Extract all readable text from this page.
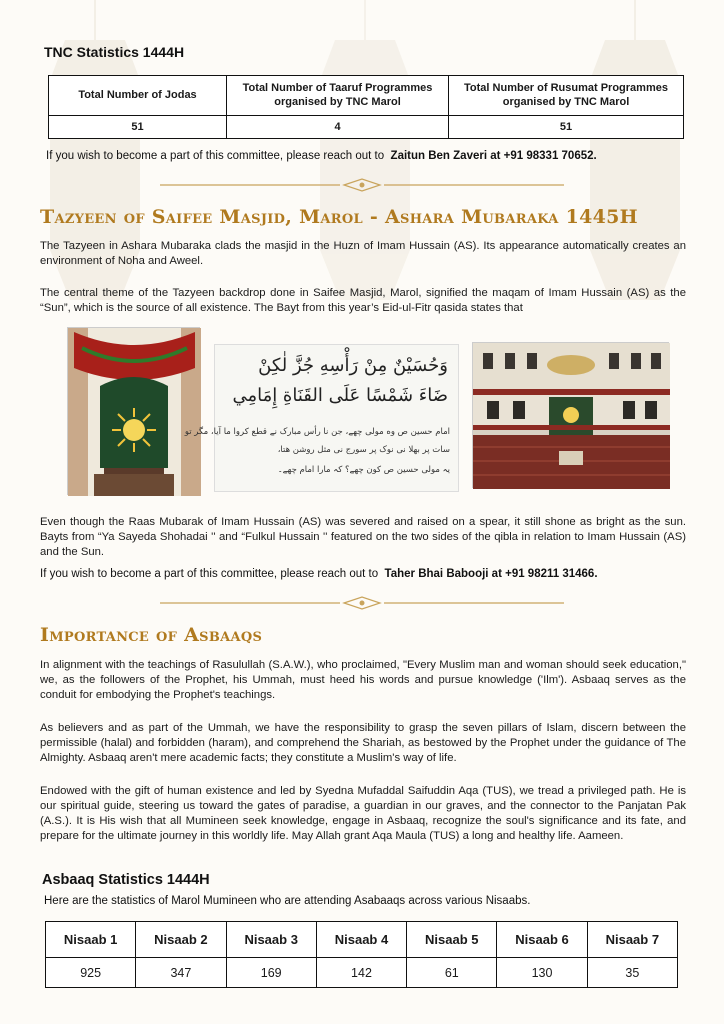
TNC Statistics 1444H
Total Number of Jodas	Total Number of Taaruf Programmes organised by TNC Marol	Total Number of Rusumat Programmes organised by TNC Marol
51	4	51
If you wish to become a part of this committee, please reach out to Zaitun Ben Zaveri at +91 98331 70652.
Tazyeen of Saifee Masjid, Marol - Ashara Mubaraka 1445H
The Tazyeen in Ashara Mubaraka clads the masjid in the Huzn of Imam Hussain (AS). Its appearance automatically creates an environment of Noha and Aweel.
The central theme of the Tazyeen backdrop done in Saifee Masjid, Marol, signified the maqam of Imam Hussain (AS) as the “Sun”, which is the source of all existence. The Bayt from this year’s Eid-ul-Fitr qasida states that
وَحُسَيْنٌ مِنْ رَأْسِهِ جُزَّ لٰكِنْ
ضَاءَ شَمْسًا عَلَى القَنَاةِ إِمَامِي
امام حسین ص وه مولی چھے، جن نا رأس مبارک نے قطع کروا ما آیا، مگر تو
سات پر بهلا نی نوک پر سورج نی مثل روشن هتا،
یہ مولی حسین ص کون چھے؟ کہ مارا امام چھے۔
Even though the Raas Mubarak of Imam Hussain (AS) was severed and raised on a spear, it still shone as bright as the sun. Bayts from “Ya Sayeda Shohadai '' and “Fulkul Hussain '' featured on the two sides of the qibla in relation to Imam Hussain (AS) and the Sun.
If you wish to become a part of this committee, please reach out to Taher Bhai Babooji at +91 98211 31466.
Importance of Asbaaqs
In alignment with the teachings of Rasulullah (S.A.W.), who proclaimed, "Every Muslim man and woman should seek education," we, as the followers of the Prophet, his Ummah, must heed his words and pursue knowledge ('Ilm'). Asbaaq serves as the conduit for embodying the Prophet's teachings.
As believers and as part of the Ummah, we have the responsibility to grasp the seven pillars of Islam, discern between the permissible (halal) and forbidden (haram), and comprehend the Shariah, as bestowed by the Prophet under the guidance of The Almighty. Asbaaq aren't mere academic facts; they constitute a Muslim's way of life.
Endowed with the gift of human existence and led by Syedna Mufaddal Saifuddin Aqa (TUS), we tread a privileged path. He is our spiritual guide, steering us toward the gates of paradise, a guardian in our graves, and the connector to the Panjatan Pak (A.S.). It is His wish that all Mumineen seek knowledge, engage in Asbaaq, recognize the soul's significance and its fate, and prepare for the ultimate journey in this worldly life. May Allah grant Aqa Maula (TUS) a long and healthy life. Aameen.
Asbaaq Statistics 1444H
Here are the statistics of Marol Mumineen who are attending Asabaaqs across various Nisaabs.
Nisaab 1	Nisaab 2	Nisaab 3	Nisaab 4	Nisaab 5	Nisaab 6	Nisaab 7
925	347	169	142	61	130	35
